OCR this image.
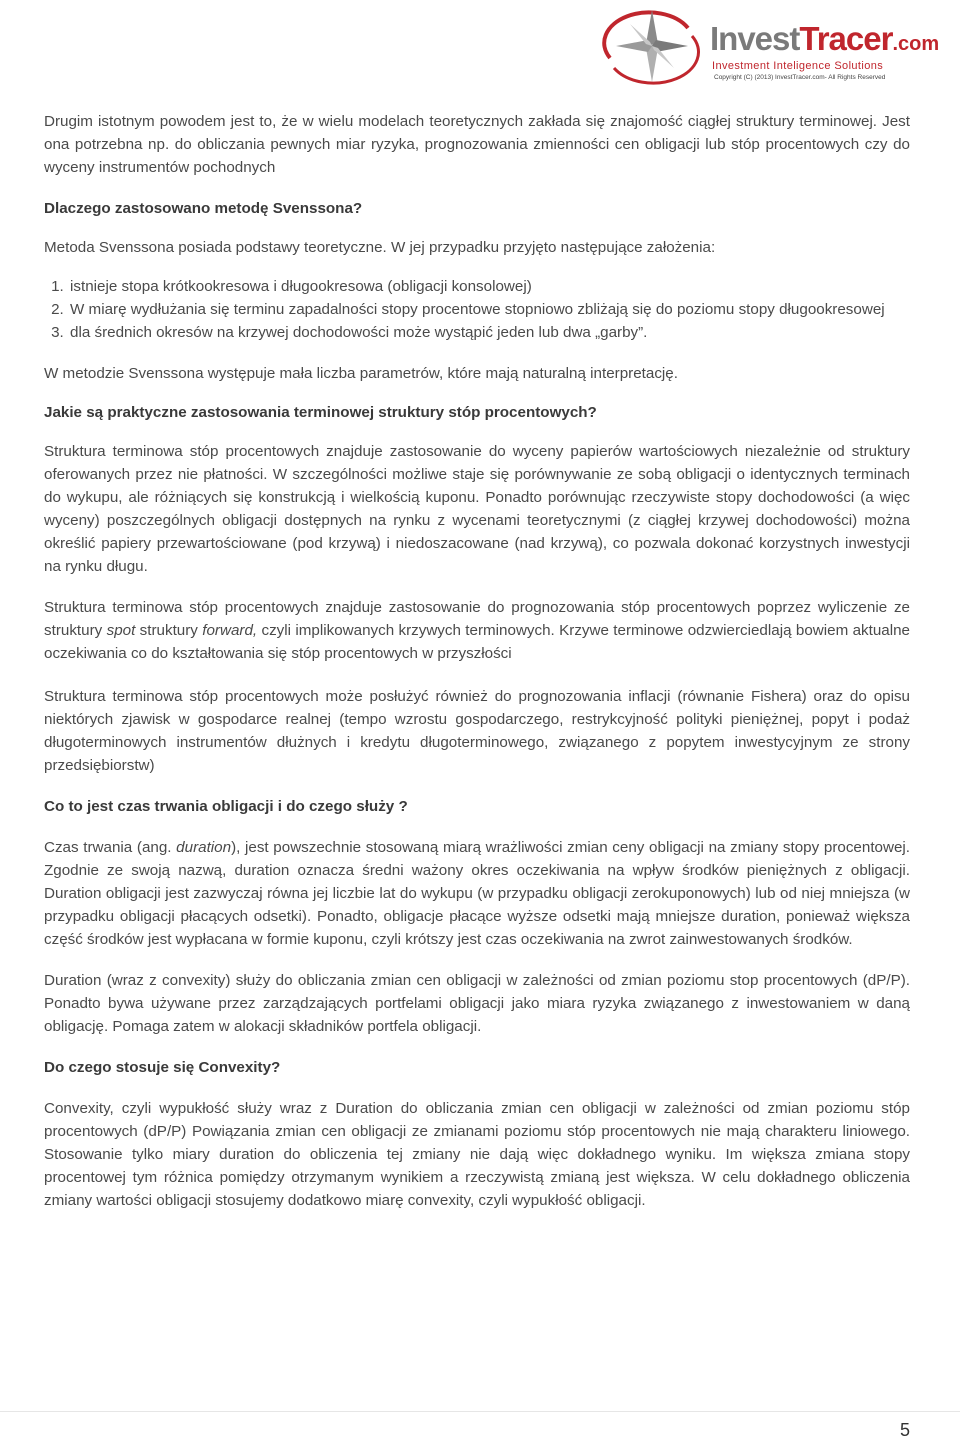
InvestTracer.com
Investment Inteligence Solutions
Copyright (C) (2013) InvestTracer.com- All Rights Reserved

Drugim istotnym powodem jest to, że w wielu modelach teoretycznych zakłada się znajomość ciągłej struktury terminowej. Jest ona potrzebna np. do obliczania pewnych miar ryzyka, prognozowania zmienności cen obligacji lub stóp procentowych czy do wyceny instrumentów pochodnych

Dlaczego zastosowano metodę Svenssona?

Metoda Svenssona posiada podstawy teoretyczne. W jej przypadku przyjęto następujące założenia:

1. istnieje stopa krótkookresowa i długookresowa (obligacji konsolowej)
2. W miarę wydłużania się terminu zapadalności stopy procentowe stopniowo zbliżają się do poziomu stopy długookresowej
3. dla średnich okresów na krzywej dochodowości może wystąpić jeden lub dwa „garby”.

W metodzie Svenssona występuje mała liczba parametrów, które mają naturalną interpretację.

Jakie są praktyczne zastosowania terminowej struktury stóp procentowych?

Struktura terminowa stóp procentowych znajduje zastosowanie do wyceny papierów wartościowych niezależnie od struktury oferowanych przez nie płatności. W szczególności możliwe staje się porównywanie ze sobą obligacji o identycznych terminach do wykupu, ale różniących się konstrukcją i wielkością kuponu. Ponadto porównując rzeczywiste stopy dochodowości (a więc wyceny) poszczególnych obligacji dostępnych na rynku z wycenami teoretycznymi (z ciągłej krzywej dochodowości) można określić papiery przewartościowane (pod krzywą) i niedoszacowane (nad krzywą), co pozwala dokonać korzystnych inwestycji na rynku długu.

Struktura terminowa stóp procentowych znajduje zastosowanie do prognozowania stóp procentowych poprzez wyliczenie ze struktury spot struktury forward, czyli implikowanych krzywych terminowych. Krzywe terminowe odzwierciedlają bowiem aktualne oczekiwania co do kształtowania się stóp procentowych w przyszłości

Struktura terminowa stóp procentowych może posłużyć również do prognozowania inflacji (równanie Fishera) oraz do opisu niektórych zjawisk w gospodarce realnej (tempo wzrostu gospodarczego, restrykcyjność polityki pieniężnej, popyt i podaż długoterminowych instrumentów dłużnych i kredytu długoterminowego, związanego z popytem inwestycyjnym ze strony przedsiębiorstw)

Co to jest czas trwania obligacji i do czego służy ?

Czas trwania (ang. duration), jest powszechnie stosowaną miarą wrażliwości zmian ceny obligacji na zmiany stopy procentowej. Zgodnie ze swoją nazwą, duration oznacza średni ważony okres oczekiwania na wpływ środków pieniężnych z obligacji. Duration obligacji jest zazwyczaj równa jej liczbie lat do wykupu (w przypadku obligacji zerokuponowych) lub od niej mniejsza (w przypadku obligacji płacących odsetki). Ponadto, obligacje płacące wyższe odsetki mają mniejsze duration, ponieważ większa część środków jest wypłacana w formie kuponu, czyli krótszy jest czas oczekiwania na zwrot zainwestowanych środków.

Duration (wraz z convexity) służy do obliczania zmian cen obligacji w zależności od zmian poziomu stop procentowych (dP/P). Ponadto bywa używane przez zarządzających portfelami obligacji jako miara ryzyka związanego z inwestowaniem w daną obligację. Pomaga zatem w alokacji składników portfela obligacji.

Do czego stosuje się Convexity?

Convexity, czyli wypukłość służy wraz z Duration do obliczania zmian cen obligacji w zależności od zmian poziomu stóp procentowych (dP/P) Powiązania zmian cen obligacji ze zmianami poziomu stóp procentowych nie mają charakteru liniowego. Stosowanie tylko miary duration do obliczenia tej zmiany nie dają więc dokładnego wyniku. Im większa zmiana stopy procentowej tym różnica pomiędzy otrzymanym wynikiem a rzeczywistą zmianą jest większa. W celu dokładnego obliczenia zmiany wartości obligacji stosujemy dodatkowo miarę convexity, czyli wypukłość obligacji.

5
